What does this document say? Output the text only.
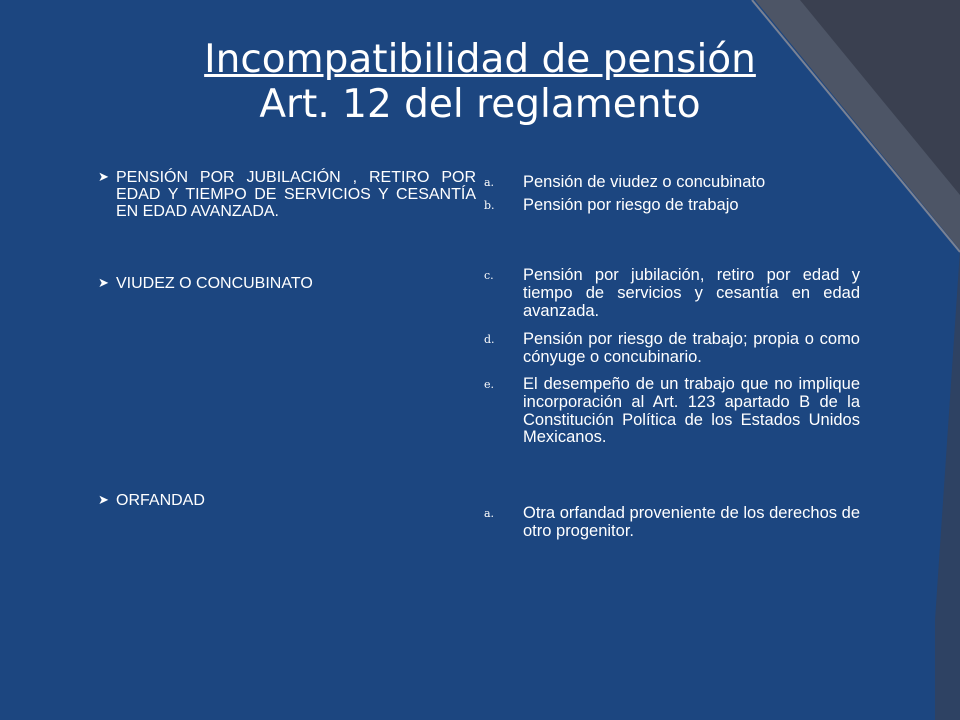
Incompatibilidad de pensión
Art. 12 del reglamento
➤ PENSIÓN POR JUBILACIÓN , RETIRO POR EDAD Y TIEMPO DE SERVICIOS Y CESANTÍA EN EDAD AVANZADA.
➤ VIUDEZ O CONCUBINATO
➤ ORFANDAD
a. Pensión de viudez o concubinato
b. Pensión por riesgo de trabajo
c. Pensión por jubilación, retiro por edad y tiempo de servicios y cesantía en edad avanzada.
d. Pensión por riesgo de trabajo; propia o como cónyuge o concubinario.
e. El desempeño de un trabajo que no implique incorporación al Art. 123 apartado B de la Constitución Política de los Estados Unidos Mexicanos.
a. Otra orfandad proveniente de los derechos de otro progenitor.
